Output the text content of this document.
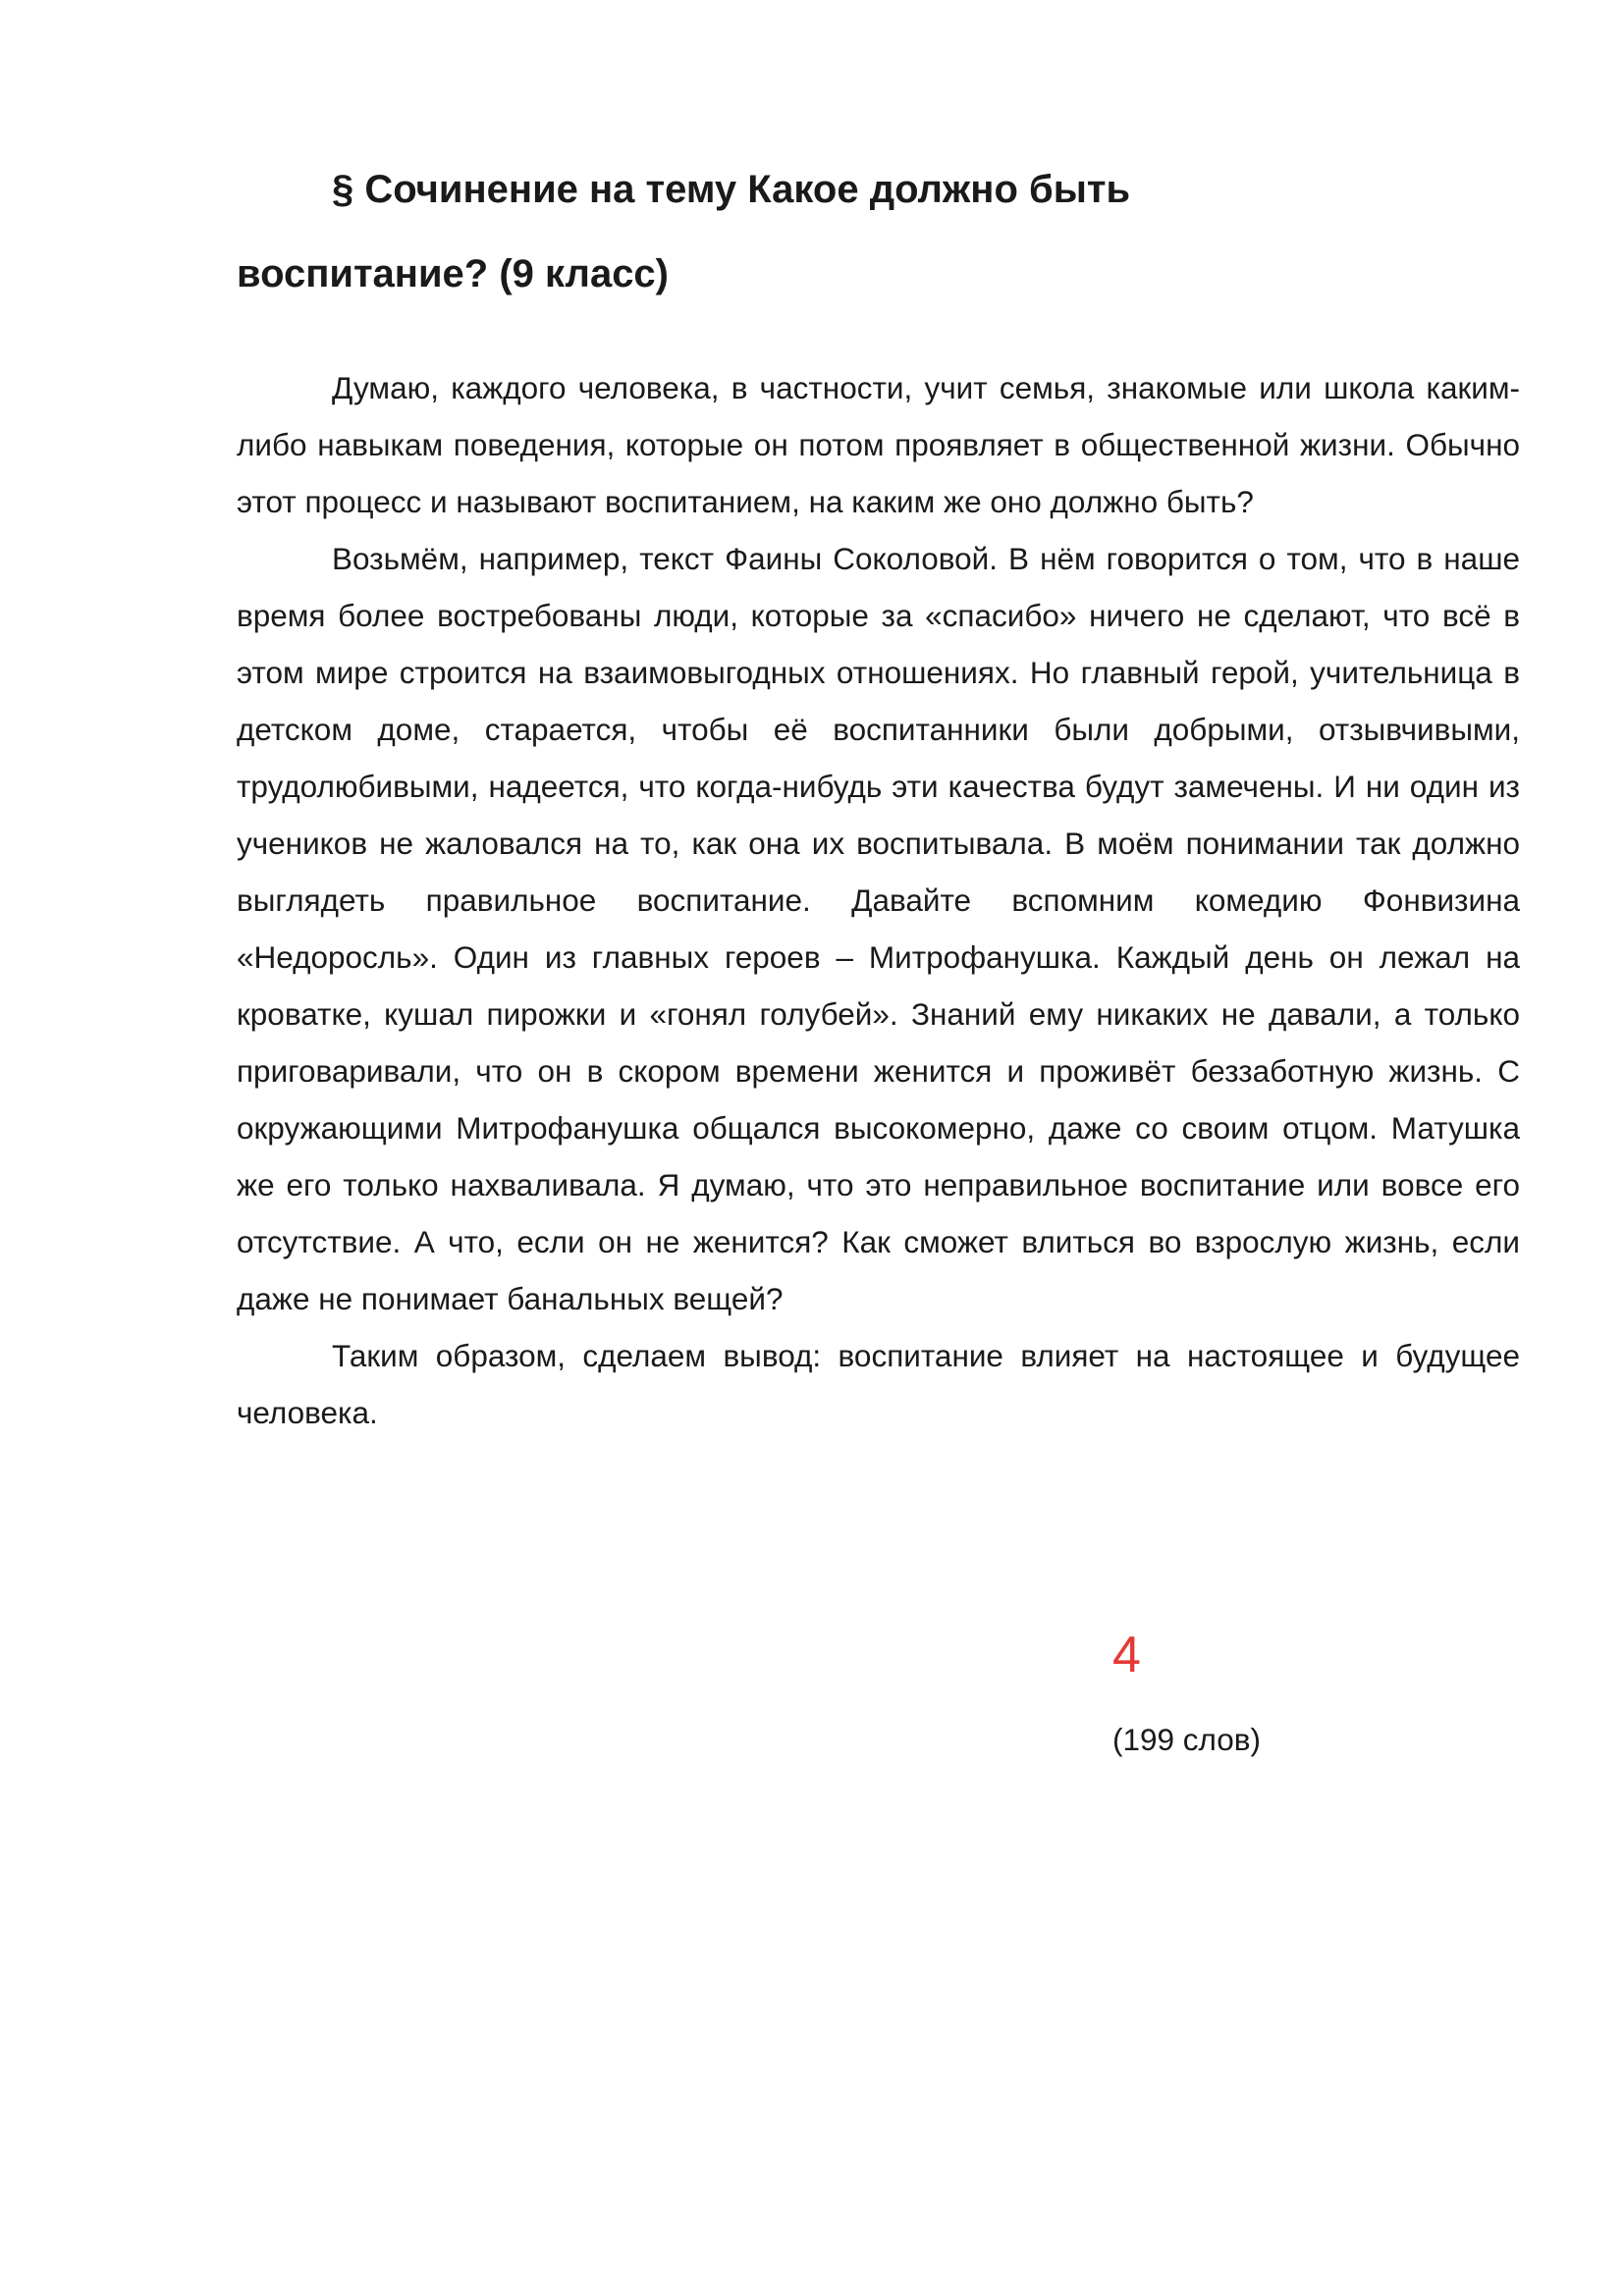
§ Сочинение на тему Какое должно быть
воспитание? (9 класс)

Думаю, каждого человека, в частности, учит семья, знакомые или школа каким-либо навыкам поведения, которые он потом проявляет в общественной жизни. Обычно этот процесс и называют воспитанием, на каким же оно должно быть?

Возьмём, например, текст Фаины Соколовой. В нём говорится о том, что в наше время более востребованы люди, которые за «спасибо» ничего не сделают, что всё в этом мире строится на взаимовыгодных отношениях. Но главный герой, учительница в детском доме, старается, чтобы её воспитанники были добрыми, отзывчивыми, трудолюбивыми, надеется, что когда-нибудь эти качества будут замечены. И ни один из учеников не жаловался на то, как она их воспитывала. В моём понимании так должно выглядеть правильное воспитание. Давайте вспомним комедию Фонвизина «Недоросль». Один из главных героев – Митрофанушка. Каждый день он лежал на кроватке, кушал пирожки и «гонял голубей». Знаний ему никаких не давали, а только приговаривали, что он в скором времени женится и проживёт беззаботную жизнь. С окружающими Митрофанушка общался высокомерно, даже со своим отцом. Матушка же его только нахваливала. Я думаю, что это неправильное воспитание или вовсе его отсутствие. А что, если он не женится? Как сможет влиться во взрослую жизнь, если даже не понимает банальных вещей?

Таким образом, сделаем вывод: воспитание влияет на настоящее и будущее человека.

4
(199 слов)
